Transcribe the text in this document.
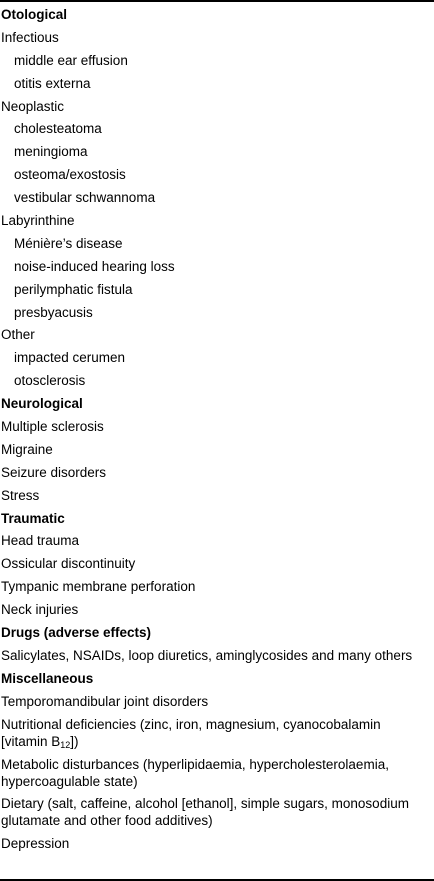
Otological
Infectious
middle ear effusion
otitis externa
Neoplastic
cholesteatoma
meningioma
osteoma/exostosis
vestibular schwannoma
Labyrinthine
Ménière’s disease
noise-induced hearing loss
perilymphatic fistula
presbyacusis
Other
impacted cerumen
otosclerosis
Neurological
Multiple sclerosis
Migraine
Seizure disorders
Stress
Traumatic
Head trauma
Ossicular discontinuity
Tympanic membrane perforation
Neck injuries
Drugs (adverse effects)
Salicylates, NSAIDs, loop diuretics, aminglycosides and many others
Miscellaneous
Temporomandibular joint disorders
Nutritional deficiencies (zinc, iron, magnesium, cyanocobalamin [vitamin $B_{12}$])
Metabolic disturbances (hyperlipidaemia, hypercholesterolaemia, hypercoagulable state)
Dietary (salt, caffeine, alcohol [ethanol], simple sugars, monosodium glutamate and other food additives)
Depression
